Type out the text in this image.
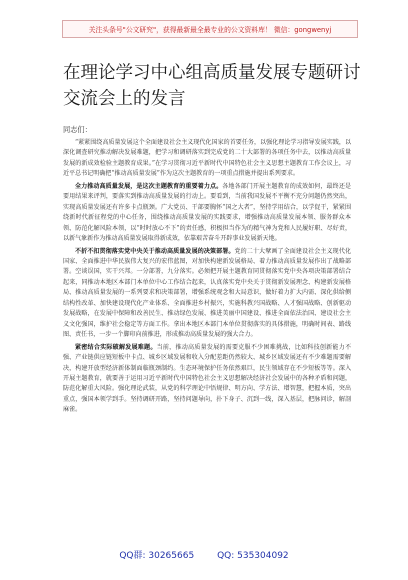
关注头条号"公文研究"，获得最新最全最专业的公文资料库！ 微信：gongwenyj
在理论学习中心组高质量发展专题研讨交流会上的发言
同志们：

“紧紧围绕高质量发展这个全面建设社会主义现代化国家的首要任务，以强化理论学习指导发展实践，以深化调查研究推动解决发展难题，把学习和调研落实到完成党的二十大部署的各项任务中去，以推动高质量发展的新成效检验主题教育成果。”在学习贯彻习近平新时代中国特色社会主义思想主题教育工作会议上，习近平总书记明确把“推动高质量发展”作为这次主题教育的一项重点措施并提出系列要求。

全力推动高质量发展，是这次主题教育的重要着力点。各地各部门开展主题教育的成效如何，最终还是要用结果来评判，要落实到推动高质量发展的行动上。要看到，当前我国发展不平衡不充分问题仍然突出，实现高质量发展还有许多卡点瓶颈。广大党员、干部要胸怀“国之大者”，坚持学用结合，以学促干，紧紧围绕新时代新征程党的中心任务，围绕推动高质量发展的实践要求，增强推动高质量发展本领、服务群众本领、防范化解风险本领，以“时时放心不下”的责任感，积极担当作为的精气神为党和人民履好职、尽好责，以新气象新作为推动高质量发展取得新成效，依靠艰苦奋斗开辟事业发展新天地。

不折不扣贯彻落实党中央关于推动高质量发展的决策部署。党的二十大擘画了全面建设社会主义现代化国家、全面推进中华民族伟大复兴的宏伟蓝图，对加快构建新发展格局、着力推动高质量发展作出了战略部署。空谈误国，实干兴邦。一分部署，九分落实。必须把开展主题教育同贯彻落实党中央各项决策部署结合起来，同推动本地区本部门本单位中心工作结合起来，认真落实党中央关于贯彻新发展理念、构建新发展格局、推动高质量发展的一系列要求和决策部署，增强系统观念和大局意识，做好着力扩大内需、深化供给侧结构性改革、加快建设现代化产业体系、全面推进乡村振兴，实施科教兴国战略、人才强国战略、创新驱动发展战略，在发展中保障和改善民生、推动绿色发展、推进美丽中国建设、推进全面依法治国、建设社会主义文化强国，维护社会稳定等方面工作。拿出本地区本部门本单位贯彻落实的具体措施，明确时间表、路线图、责任书，一步一个脚印向前推进，形成推动高质量发展的强大合力。

紧密结合实际破解发展难题。当前，推动高质量发展的需要克服不少困难挑战，比如科技创新能力不强、产业链供应链短板中卡点、城乡区域发展和收入分配差距仍然较大、城乡区域发展还有不少难题需要解决，构建开放型经济新体制面临瓶颈制约。生态环境保护任务依然艰巨，民生领域存在不少短板等等。深入开展主题教育，就要善于运用习近平新时代中国特色社会主义思想解决经济社会发展中的各种矛盾和问题，防范化解重大风险。强化理论武装，从党的科学理论中悟规律、明方向、学方法、增智慧，把握本质，突出重点，强国本领学到手。坚持调研开路，坚持问题导向，扑下身子、沉到一线，深入基层，把脉问诊，解剖麻雀。

QQ群: 30265665	QQ: 535304092
